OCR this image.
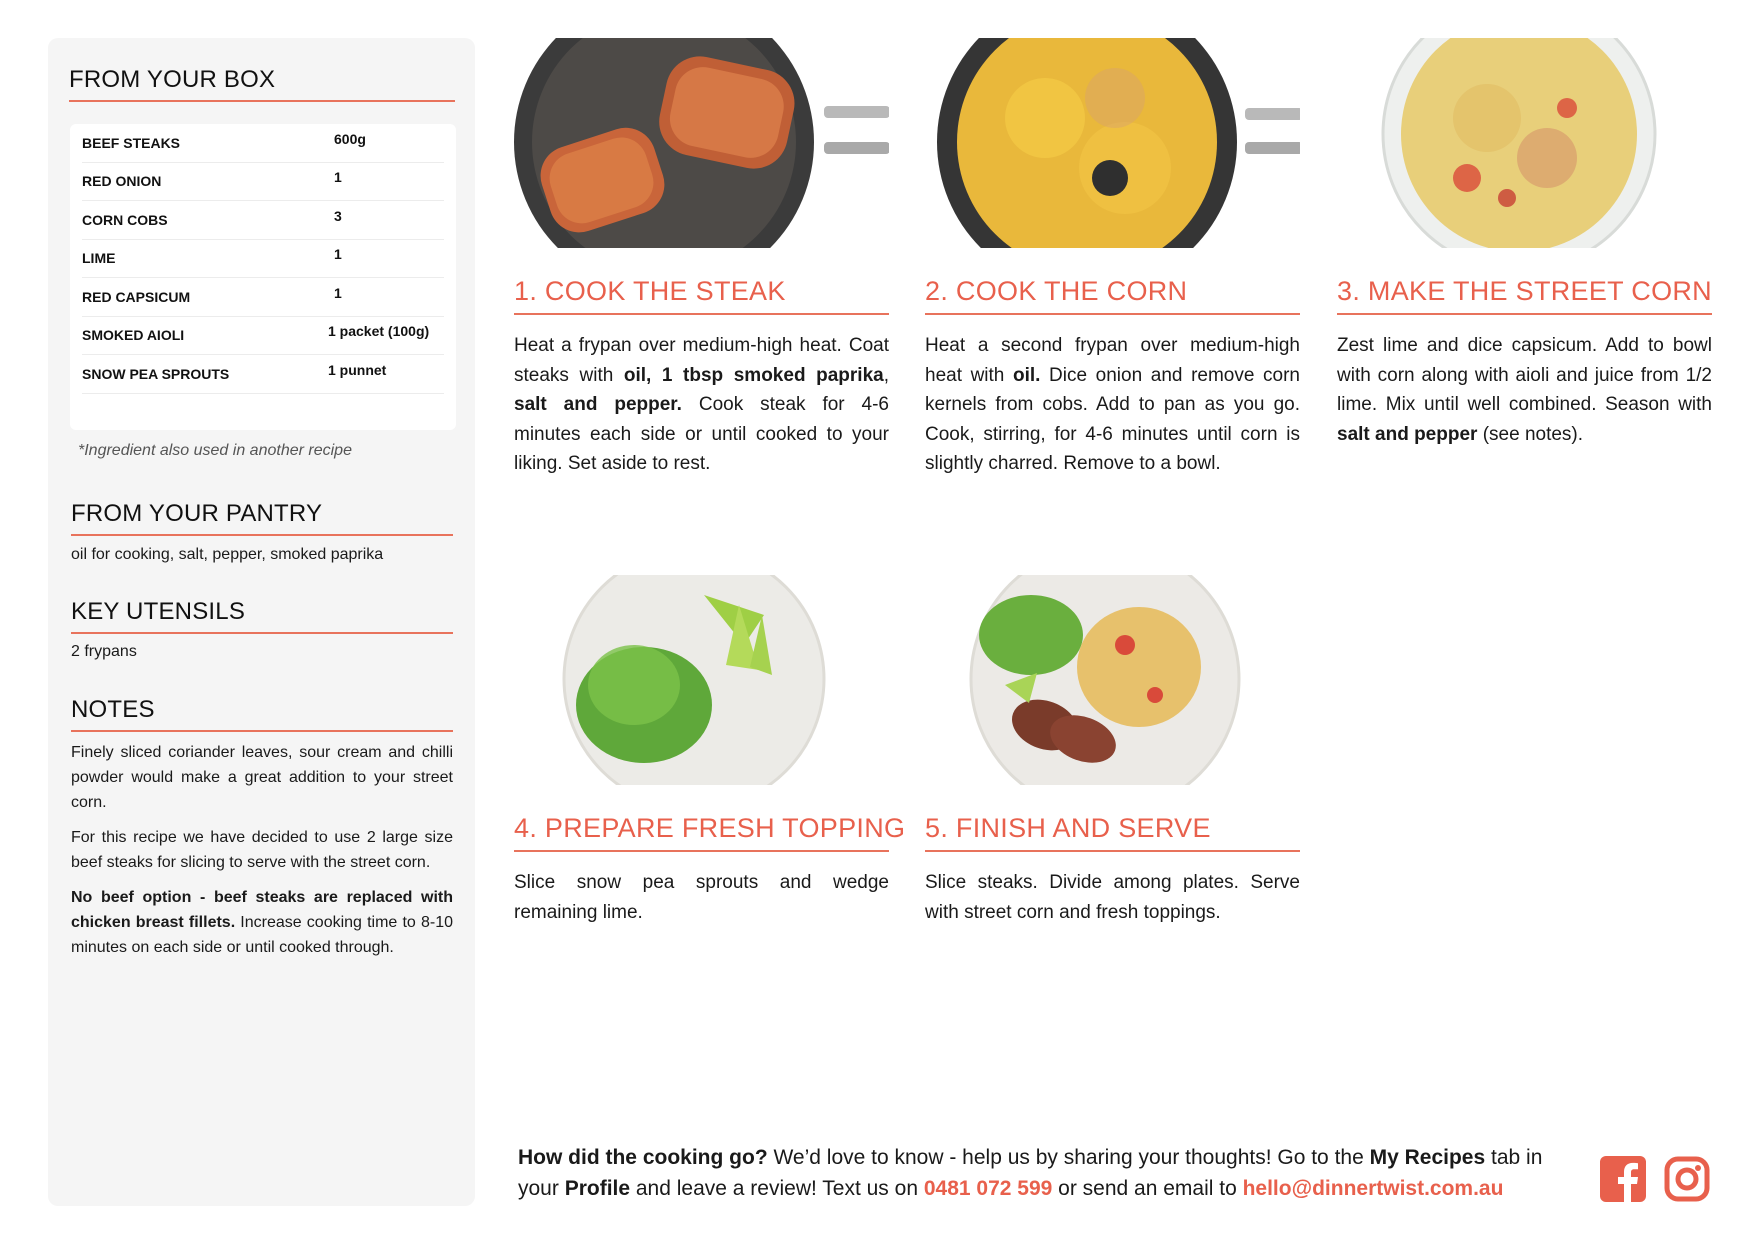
FROM YOUR BOX
BEEF STEAKS	600g
RED ONION	1
CORN COBS	3
LIME	1
RED CAPSICUM	1
SMOKED AIOLI	1 packet (100g)
SNOW PEA SPROUTS	1 punnet
*Ingredient also used in another recipe
FROM YOUR PANTRY
oil for cooking, salt, pepper, smoked paprika
KEY UTENSILS
2 frypans
NOTES

Finely sliced coriander leaves, sour cream and chilli powder would make a great addition to your street corn.

For this recipe we have decided to use 2 large size beef steaks for slicing to serve with the street corn.

No beef option - beef steaks are replaced with chicken breast fillets. Increase cooking time to 8-10 minutes on each side or until cooked through.

1. COOK THE STEAK

Heat a frypan over medium-high heat. Coat steaks with oil, 1 tbsp smoked paprika, salt and pepper. Cook steak for 4-6 minutes each side or until cooked to your liking. Set aside to rest.

2. COOK THE CORN

Heat a second frypan over medium-high heat with oil. Dice onion and remove corn kernels from cobs. Add to pan as you go. Cook, stirring, for 4-6 minutes until corn is slightly charred. Remove to a bowl.

3. MAKE THE STREET CORN

Zest lime and dice capsicum. Add to bowl with corn along with aioli and juice from 1/2 lime. Mix until well combined. Season with salt and pepper (see notes).

4. PREPARE FRESH TOPPING

Slice snow pea sprouts and wedge remaining lime.

5. FINISH AND SERVE

Slice steaks. Divide among plates. Serve with street corn and fresh toppings.

How did the cooking go? We’d love to know - help us by sharing your thoughts! Go to the My Recipes tab in your Profile and leave a review! Text us on 0481 072 599 or send an email to hello@dinnertwist.com.au
